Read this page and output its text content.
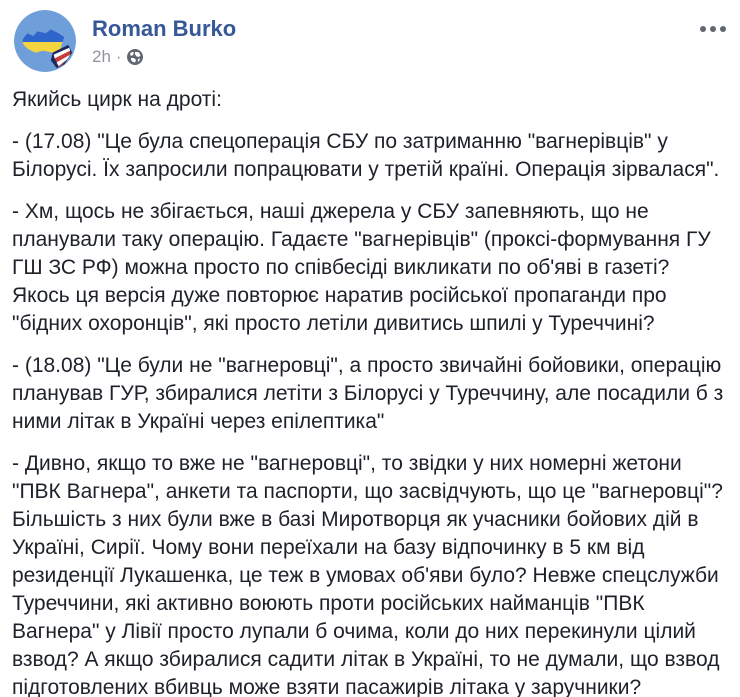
Roman Burko
2h ·

Якийсь цирк на дроті:

- (17.08) "Це була спецоперація СБУ по затриманню "вагнерівців" у Білорусі. Їх запросили попрацювати у третій країні. Операція зірвалася".

- Хм, щось не збігається, наші джерела у СБУ запевняють, що не планували таку операцію. Гадаєте "вагнерівців" (проксі-формування ГУ ГШ ЗС РФ) можна просто по співбесіді викликати по об'яві в газеті? Якось ця версія дуже повторює наратив російської пропаганди про "бідних охоронців", які просто летіли дивитись шпилі у Туреччині?

- (18.08) "Це були не "вагнеровці", а просто звичайні бойовики, операцію планував ГУР, збиралися летіти з Білорусі у Туреччину, але посадили б з ними літак в Україні через епілептика"

- Дивно, якщо то вже не "вагнеровці", то звідки у них номерні жетони "ПВК Вагнера", анкети та паспорти, що засвідчують, що це "вагнеровці"? Більшість з них були вже в базі Миротворця як учасники бойових дій в Україні, Сирії. Чому вони переїхали на базу відпочинку в 5 км від резиденції Лукашенка, це теж в умовах об'яви було? Невже спецслужби Туреччини, які активно воюють проти російських найманців "ПВК Вагнера" у Лівії просто лупали б очима, коли до них перекинули цілий взвод? А якщо збиралися садити літак в Україні, то не думали, що взвод підготовлених вбивць може взяти пасажирів літака у заручники?
